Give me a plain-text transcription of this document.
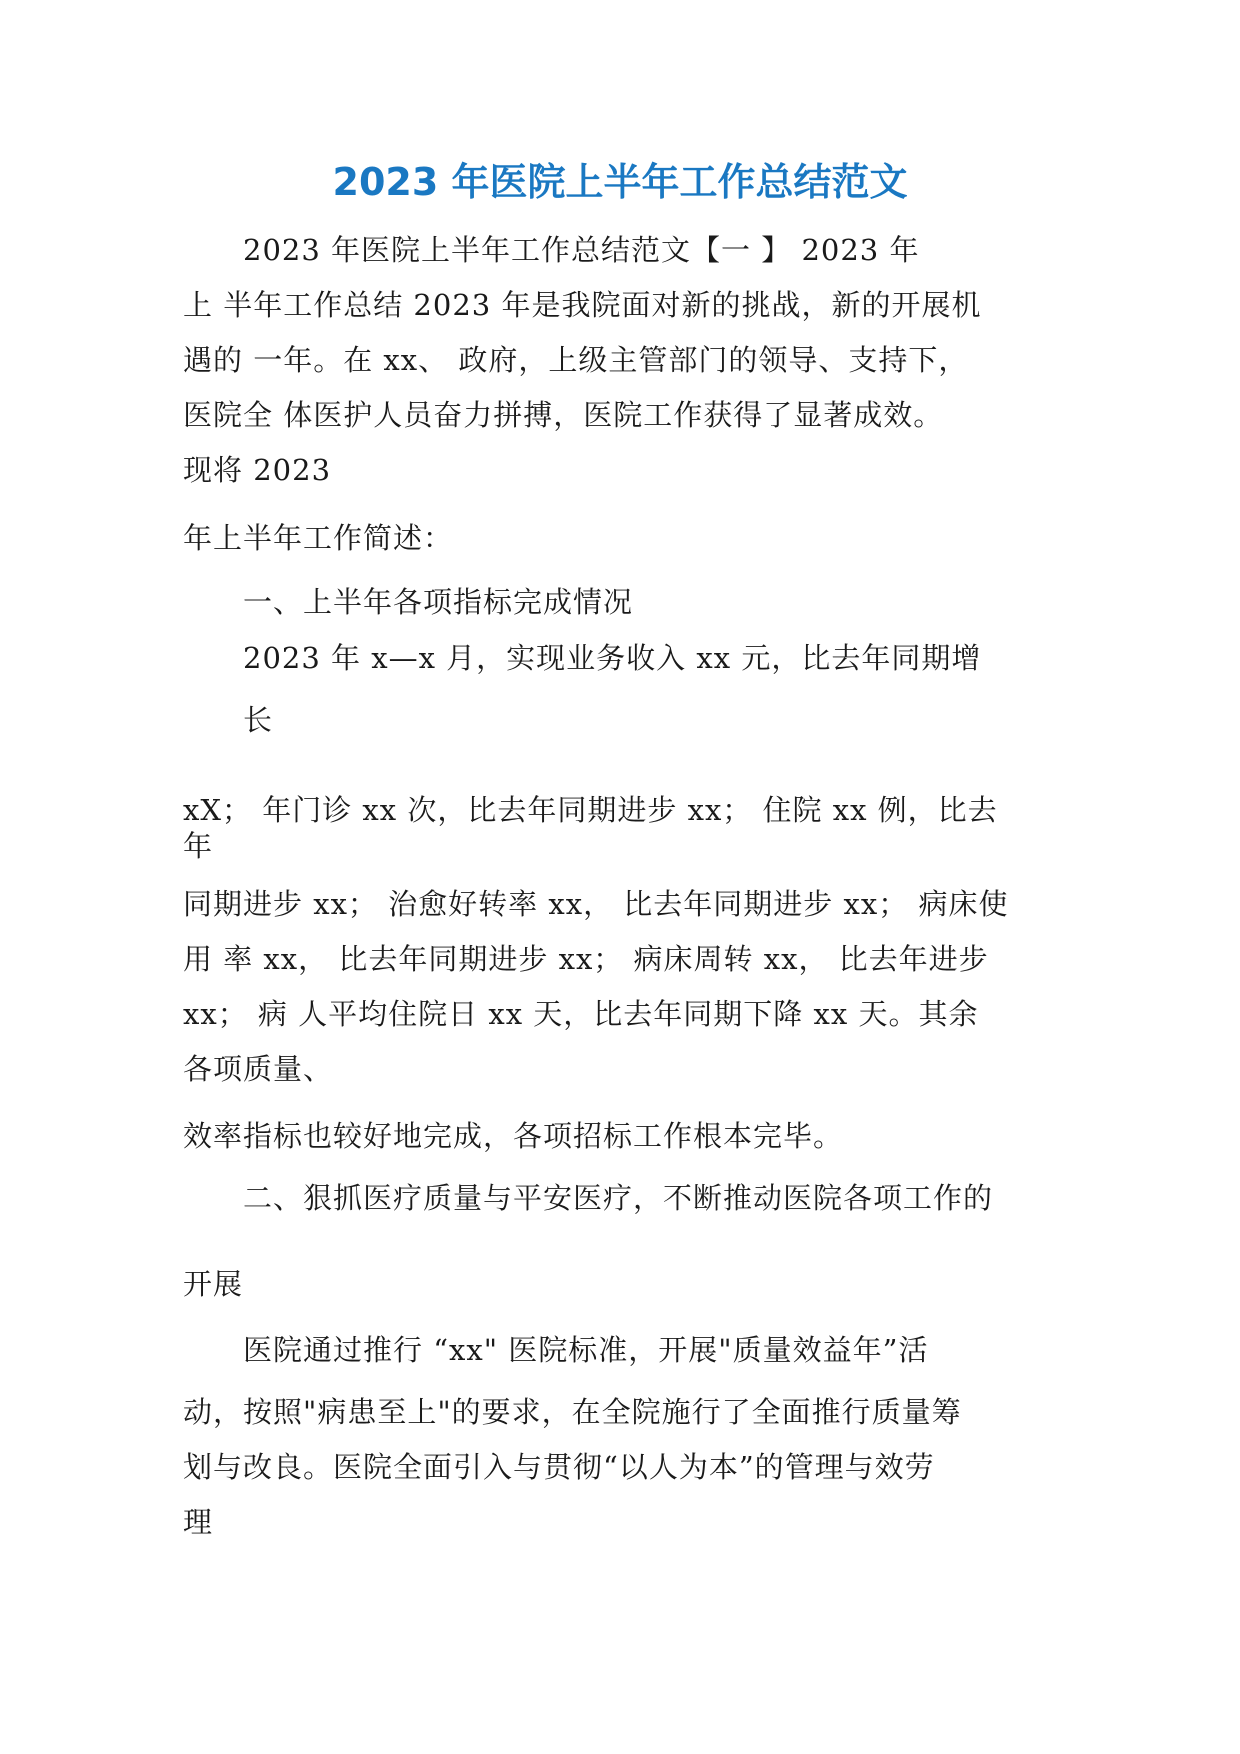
2023 年医院上半年工作总结范文

2023 年医院上半年工作总结范文【一 】 2023 年

上 半年工作总结 2023 年是我院面对新的挑战，新的开展机

遇的 一年。在 xx、 政府，上级主管部门的领导、支持下，

医院全 体医护人员奋力拼搏，医院工作获得了显著成效。

现将 2023

年上半年工作简述：

一、上半年各项指标完成情况

2023 年 x—x 月，实现业务收入 xx 元，比去年同期增

长

xX； 年门诊 xx 次，比去年同期进步 xx； 住院 xx 例，比去

年

同期进步 xx； 治愈好转率 xx， 比去年同期进步 xx； 病床使

用 率 xx， 比去年同期进步 xx； 病床周转 xx， 比去年进步

xx； 病 人平均住院日 xx 天，比去年同期下降 xx 天。其余

各项质量、

效率指标也较好地完成，各项招标工作根本完毕。

二、狠抓医疗质量与平安医疗，不断推动医院各项工作的

开展

医院通过推行 “xx" 医院标准，开展"质量效益年”活

动，按照"病患至上"的要求，在全院施行了全面推行质量筹

划与改良。医院全面引入与贯彻“以人为本”的管理与效劳

理
